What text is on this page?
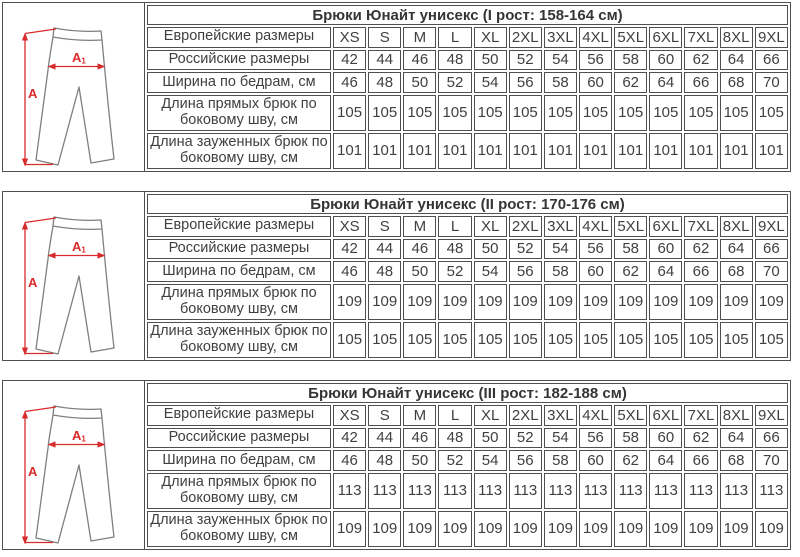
A
A1
Брюки Юнайт унисекс (I рост: 158-164 см)													
Европейские размеры	XS	S	M	L	XL	2XL	3XL	4XL	5XL	6XL	7XL	8XL	9XL
Российские размеры	42	44	46	48	50	52	54	56	58	60	62	64	66
Ширина по бедрам, см	46	48	50	52	54	56	58	60	62	64	66	68	70
Длина прямых брюк по боковому шву, см	105	105	105	105	105	105	105	105	105	105	105	105	105
Длина зауженных брюк по боковому шву, см	101	101	101	101	101	101	101	101	101	101	101	101	101
A
A1
Брюки Юнайт унисекс (II рост: 170-176 см)													
Европейские размеры	XS	S	M	L	XL	2XL	3XL	4XL	5XL	6XL	7XL	8XL	9XL
Российские размеры	42	44	46	48	50	52	54	56	58	60	62	64	66
Ширина по бедрам, см	46	48	50	52	54	56	58	60	62	64	66	68	70
Длина прямых брюк по боковому шву, см	109	109	109	109	109	109	109	109	109	109	109	109	109
Длина зауженных брюк по боковому шву, см	105	105	105	105	105	105	105	105	105	105	105	105	105
A
A1
Брюки Юнайт унисекс (III рост: 182-188 см)													
Европейские размеры	XS	S	M	L	XL	2XL	3XL	4XL	5XL	6XL	7XL	8XL	9XL
Российские размеры	42	44	46	48	50	52	54	56	58	60	62	64	66
Ширина по бедрам, см	46	48	50	52	54	56	58	60	62	64	66	68	70
Длина прямых брюк по боковому шву, см	113	113	113	113	113	113	113	113	113	113	113	113	113
Длина зауженных брюк по боковому шву, см	109	109	109	109	109	109	109	109	109	109	109	109	109
